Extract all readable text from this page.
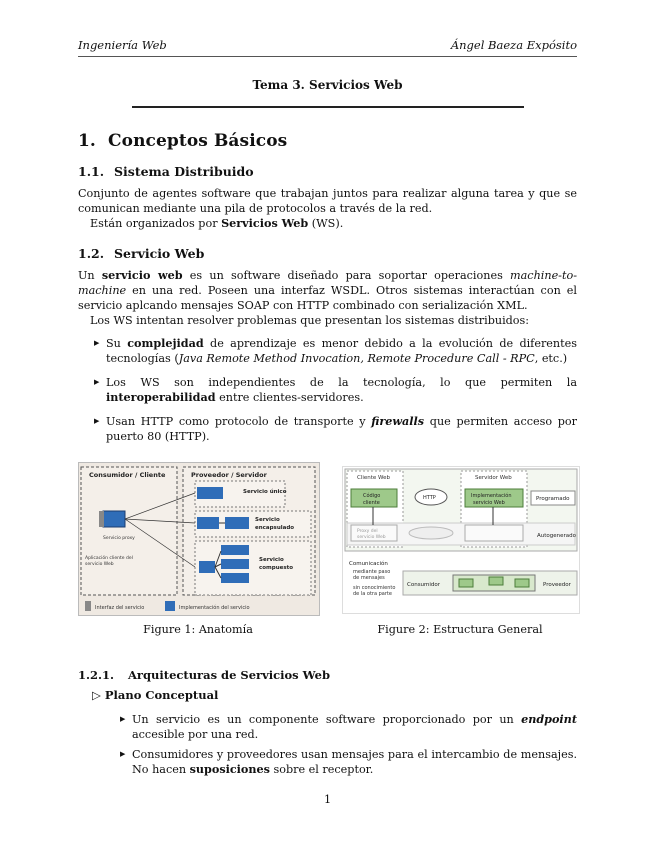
Ingeniería Web	Ángel Baeza Expósito
Tema 3. Servicios Web
1. Conceptos Básicos
1.1. Sistema Distribuido
Conjunto de agentes software que trabajan juntos para realizar alguna tarea y que se comunican mediante una pila de protocolos a través de la red.
Están organizados por Servicios Web (WS).
1.2. Servicio Web
Un servicio web es un software diseñado para soportar operaciones machine-to-machine en una red. Poseen una interfaz WSDL. Otros sistemas interactúan con el servicio aplcando mensajes SOAP con HTTP combinado con serialización XML.
Los WS intentan resolver problemas que presentan los sistemas distribuidos:
▶ Su complejidad de aprendizaje es menor debido a la evolución de diferentes tecnologías (Java Remote Method Invocation, Remote Procedure Call - RPC, etc.)
▶ Los WS son independientes de la tecnología, lo que permiten la interoperabilidad entre clientes-servidores.
▶ Usan HTTP como protocolo de transporte y firewalls que permiten acceso por puerto 80 (HTTP).
Consumidor / Cliente	Proveedor / Servidor
Servicio proxy
Aplicación cliente del
servicio Web
Servicio único
Servicio
encapsulado
Servicio
compuesto
Interfaz del servicio	Implementación del servicio
Figure 1: Anatomía
Cliente Web	Servidor Web
Código
cliente
HTTP	Implementación
servicio Web
Programado
Proxy del
servicio Web	Autogenerado
Comunicación
mediante paso
de mensajes
sin conocimiento
de la otra parte
Consumidor	Proveedor
Figure 2: Estructura General
1.2.1. Arquitecturas de Servicios Web
▷ Plano Conceptual
▶ Un servicio es un componente software proporcionado por un endpoint accesible por una red.
▶ Consumidores y proveedores usan mensajes para el intercambio de mensajes. No hacen suposiciones sobre el receptor.
1
